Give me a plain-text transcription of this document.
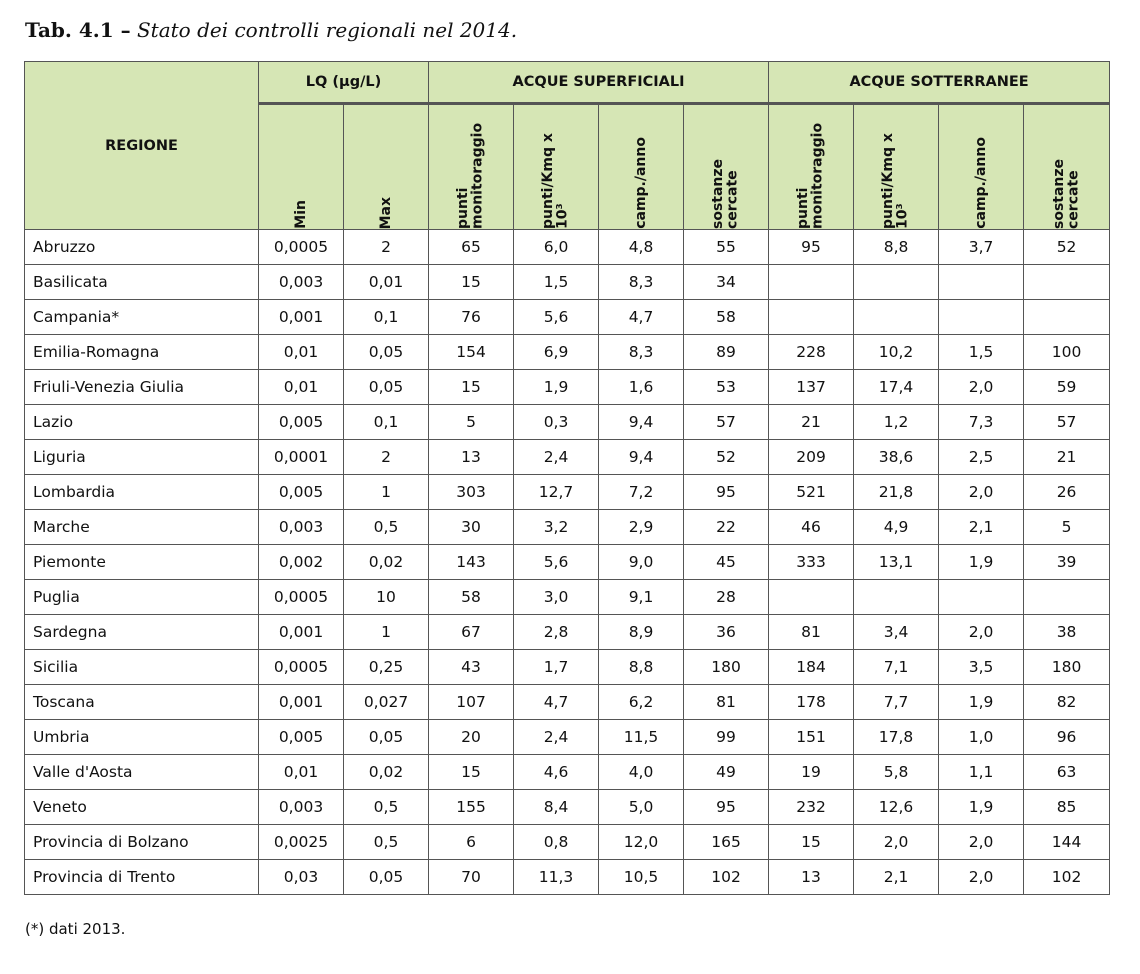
Tab. 4.1 – Stato dei controlli regionali nel 2014.
REGIONE	LQ (µg/L)		ACQUE SUPERFICIALI				ACQUE SOTTERRANEE			

	Min	Max	punti monitoraggio	punti/Kmq x 10³	camp./anno	sostanze cercate	punti monitoraggio	punti/Kmq x 10³	camp./anno	sostanze cercate

Abruzzo	0,0005	2	65	6,0	4,8	55	95	8,8	3,7	52
Basilicata	0,003	0,01	15	1,5	8,3	34				
Campania*	0,001	0,1	76	5,6	4,7	58				
Emilia-Romagna	0,01	0,05	154	6,9	8,3	89	228	10,2	1,5	100
Friuli-Venezia Giulia	0,01	0,05	15	1,9	1,6	53	137	17,4	2,0	59
Lazio	0,005	0,1	5	0,3	9,4	57	21	1,2	7,3	57
Liguria	0,0001	2	13	2,4	9,4	52	209	38,6	2,5	21
Lombardia	0,005	1	303	12,7	7,2	95	521	21,8	2,0	26
Marche	0,003	0,5	30	3,2	2,9	22	46	4,9	2,1	5
Piemonte	0,002	0,02	143	5,6	9,0	45	333	13,1	1,9	39
Puglia	0,0005	10	58	3,0	9,1	28				
Sardegna	0,001	1	67	2,8	8,9	36	81	3,4	2,0	38
Sicilia	0,0005	0,25	43	1,7	8,8	180	184	7,1	3,5	180
Toscana	0,001	0,027	107	4,7	6,2	81	178	7,7	1,9	82
Umbria	0,005	0,05	20	2,4	11,5	99	151	17,8	1,0	96
Valle d'Aosta	0,01	0,02	15	4,6	4,0	49	19	5,8	1,1	63
Veneto	0,003	0,5	155	8,4	5,0	95	232	12,6	1,9	85
Provincia di Bolzano	0,0025	0,5	6	0,8	12,0	165	15	2,0	2,0	144
Provincia di Trento	0,03	0,05	70	11,3	10,5	102	13	2,1	2,0	102
(*) dati 2013.
